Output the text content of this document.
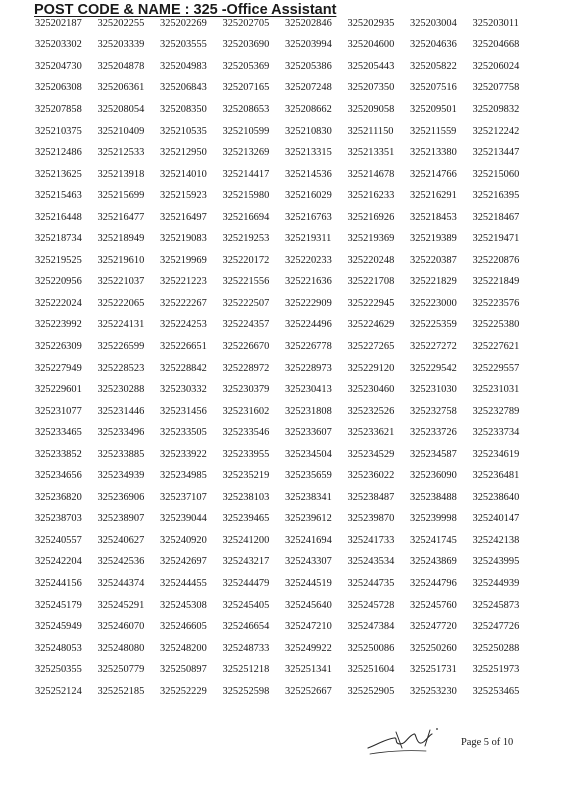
POST CODE & NAME : 325 -Office Assistant
325202187	325202255	325202269	325202705	325202846	325202935	325203004	325203011
325203302	325203339	325203555	325203690	325203994	325204600	325204636	325204668
325204730	325204878	325204983	325205369	325205386	325205443	325205822	325206024
325206308	325206361	325206843	325207165	325207248	325207350	325207516	325207758
325207858	325208054	325208350	325208653	325208662	325209058	325209501	325209832
325210375	325210409	325210535	325210599	325210830	325211150	325211559	325212242
325212486	325212533	325212950	325213269	325213315	325213351	325213380	325213447
325213625	325213918	325214010	325214417	325214536	325214678	325214766	325215060
325215463	325215699	325215923	325215980	325216029	325216233	325216291	325216395
325216448	325216477	325216497	325216694	325216763	325216926	325218453	325218467
325218734	325218949	325219083	325219253	325219311	325219369	325219389	325219471
325219525	325219610	325219969	325220172	325220233	325220248	325220387	325220876
325220956	325221037	325221223	325221556	325221636	325221708	325221829	325221849
325222024	325222065	325222267	325222507	325222909	325222945	325223000	325223576
325223992	325224131	325224253	325224357	325224496	325224629	325225359	325225380
325226309	325226599	325226651	325226670	325226778	325227265	325227272	325227621
325227949	325228523	325228842	325228972	325228973	325229120	325229542	325229557
325229601	325230288	325230332	325230379	325230413	325230460	325231030	325231031
325231077	325231446	325231456	325231602	325231808	325232526	325232758	325232789
325233465	325233496	325233505	325233546	325233607	325233621	325233726	325233734
325233852	325233885	325233922	325233955	325234504	325234529	325234587	325234619
325234656	325234939	325234985	325235219	325235659	325236022	325236090	325236481
325236820	325236906	325237107	325238103	325238341	325238487	325238488	325238640
325238703	325238907	325239044	325239465	325239612	325239870	325239998	325240147
325240557	325240627	325240920	325241200	325241694	325241733	325241745	325242138
325242204	325242536	325242697	325243217	325243307	325243534	325243869	325243995
325244156	325244374	325244455	325244479	325244519	325244735	325244796	325244939
325245179	325245291	325245308	325245405	325245640	325245728	325245760	325245873
325245949	325246070	325246605	325246654	325247210	325247384	325247720	325247726
325248053	325248080	325248200	325248733	325249922	325250086	325250260	325250288
325250355	325250779	325250897	325251218	325251341	325251604	325251731	325251973
325252124	325252185	325252229	325252598	325252667	325252905	325253230	325253465
Page 5 of 10
